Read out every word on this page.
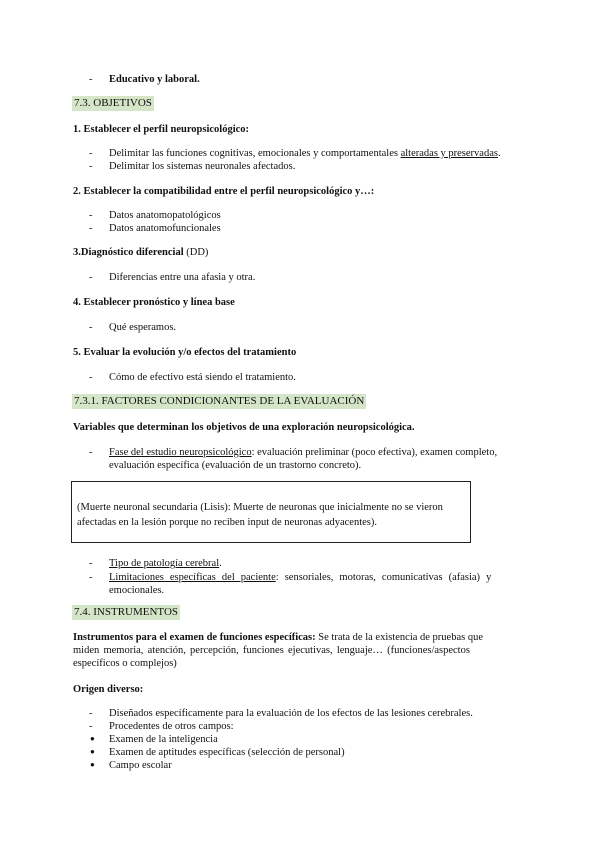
- Educativo y laboral.
7.3. OBJETIVOS
1. Establecer el perfil neuropsicológico:
- Delimitar las funciones cognitivas, emocionales y comportamentales alteradas y preservadas.
- Delimitar los sistemas neuronales afectados.
2. Establecer la compatibilidad entre el perfil neuropsicológico y…:
- Datos anatomopatológicos
- Datos anatomofuncionales
3.Diagnóstico diferencial (DD)
- Diferencias entre una afasia y otra.
4. Establecer pronóstico y línea base
- Qué esperamos.
5. Evaluar la evolución y/o efectos del tratamiento
- Cómo de efectivo está siendo el tratamiento.
7.3.1. FACTORES CONDICIONANTES DE LA EVALUACIÓN
Variables que determinan los objetivos de una exploración neuropsicológica.
- Fase del estudio neuropsicológico: evaluación preliminar (poco efectiva), examen completo,
evaluación específica (evaluación de un trastorno concreto).
(Muerte neuronal secundaria (Lisis): Muerte de neuronas que inicialmente no se vieron
afectadas en la lesión porque no reciben input de neuronas adyacentes).
- Tipo de patología cerebral.
- Limitaciones específicas del paciente: sensoriales, motoras, comunicativas (afasia) y
emocionales.
7.4. INSTRUMENTOS
Instrumentos para el examen de funciones específicas: Se trata de la existencia de pruebas que
miden memoria, atención, percepción, funciones ejecutivas, lenguaje… (funciones/aspectos
específicos o complejos)
Origen diverso:
- Diseñados específicamente para la evaluación de los efectos de las lesiones cerebrales.
- Procedentes de otros campos:
● Examen de la inteligencia
● Examen de aptitudes específicas (selección de personal)
● Campo escolar
